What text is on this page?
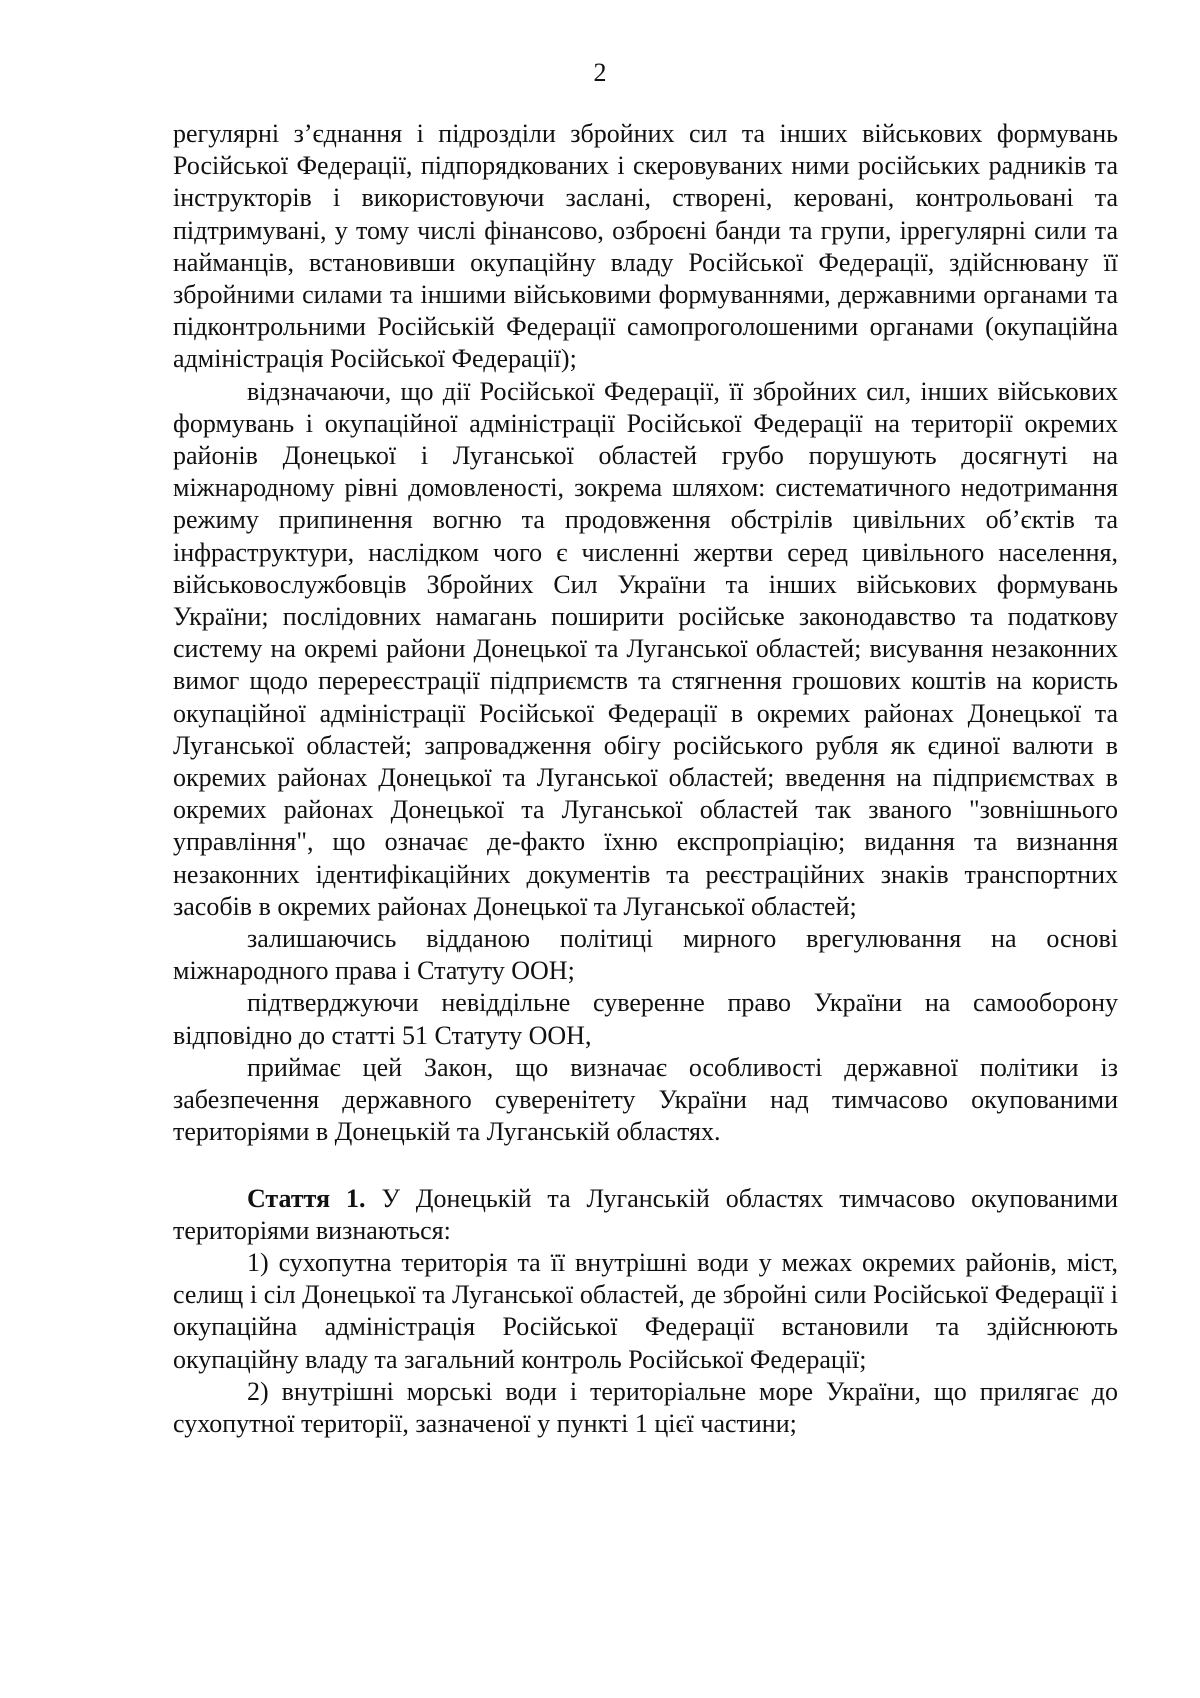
2

регулярні з’єднання і підрозділи збройних сил та інших військових формувань Російської Федерації, підпорядкованих і скеровуваних ними російських радників та інструкторів і використовуючи заслані, створені, керовані, контрольовані та підтримувані, у тому числі фінансово, озброєні банди та групи, іррегулярні сили та найманців, встановивши окупаційну владу Російської Федерації, здійснювану її збройними силами та іншими військовими формуваннями, державними органами та підконтрольними Російській Федерації самопроголошеними органами (окупаційна адміністрація Російської Федерації);

відзначаючи, що дії Російської Федерації, її збройних сил, інших військових формувань і окупаційної адміністрації Російської Федерації на території окремих районів Донецької і Луганської областей грубо порушують досягнуті на міжнародному рівні домовленості, зокрема шляхом: систематичного недотримання режиму припинення вогню та продовження обстрілів цивільних об’єктів та інфраструктури, наслідком чого є численні жертви серед цивільного населення, військовослужбовців Збройних Сил України та інших військових формувань України; послідовних намагань поширити російське законодавство та податкову систему на окремі райони Донецької та Луганської областей; висування незаконних вимог щодо перереєстрації підприємств та стягнення грошових коштів на користь окупаційної адміністрації Російської Федерації в окремих районах Донецької та Луганської областей; запровадження обігу російського рубля як єдиної валюти в окремих районах Донецької та Луганської областей; введення на підприємствах в окремих районах Донецької та Луганської областей так званого "зовнішнього управління", що означає де-факто їхню експропріацію; видання та визнання незаконних ідентифікаційних документів та реєстраційних знаків транспортних засобів в окремих районах Донецької та Луганської областей;

залишаючись відданою політиці мирного врегулювання на основі міжнародного права і Статуту ООН;

підтверджуючи невіддільне суверенне право України на самооборону відповідно до статті 51 Статуту ООН,

приймає цей Закон, що визначає особливості державної політики із забезпечення державного суверенітету України над тимчасово окупованими територіями в Донецькій та Луганській областях.

Стаття 1. У Донецькій та Луганській областях тимчасово окупованими територіями визнаються:

1) сухопутна територія та її внутрішні води у межах окремих районів, міст, селищ і сіл Донецької та Луганської областей, де збройні сили Російської Федерації і окупаційна адміністрація Російської Федерації встановили та здійснюють окупаційну владу та загальний контроль Російської Федерації;

2) внутрішні морські води і територіальне море України, що прилягає до сухопутної території, зазначеної у пункті 1 цієї частини;
